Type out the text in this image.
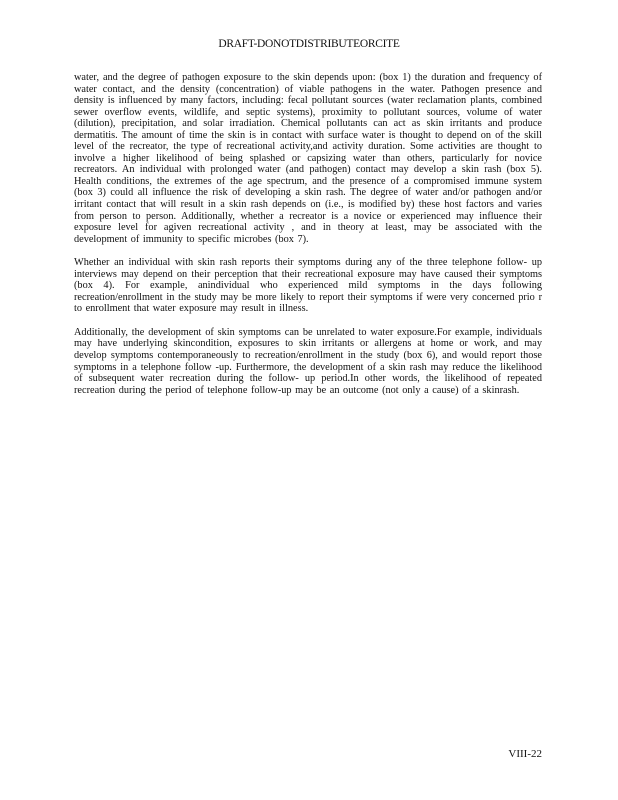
DRAFT-DONOTDISTRIBUTEORCITE

water, and the degree of pathogen exposure to the skin depends upon: (box 1) the duration and frequency of water contact, and the density (concentration) of viable pathogens in the water. Pathogen presence and density is influenced by many factors, including: fecal pollutant sources (water reclamation plants, combined sewer overflow events, wildlife, and septic systems), proximity to pollutant sources, volume of water (dilution), precipitation, and solar irradiation. Chemical pollutants can act as skin irritants and produce dermatitis. The amount of time the skin is in contact with surface water is thought to depend on of the skill level of the recreator, the type of recreational activity,and activity duration. Some activities are thought to involve a higher likelihood of being splashed or capsizing water than others, particularly for novice recreators. An individual with prolonged water (and pathogen) contact may develop a skin rash (box 5). Health conditions, the extremes of the age spectrum, and the presence of a compromised immune system (box 3) could all influence the risk of developing a skin rash. The degree of water and/or pathogen and/or irritant contact that will result in a skin rash depends on (i.e., is modified by) these host factors and varies from person to person. Additionally, whether a recreator is a novice or experienced may influence their exposure level for agiven recreational activity , and in theory at least, may be associated with the development of immunity to specific microbes (box 7).

Whether an individual with skin rash reports their symptoms during any of the three telephone follow- up interviews may depend on their perception that their recreational exposure may have caused their symptoms (box 4). For example, anindividual who experienced mild symptoms in the days following recreation/enrollment in the study may be more likely to report their symptoms if were very concerned prio r to enrollment that water exposure may result in illness.

Additionally, the development of skin symptoms can be unrelated to water exposure.For example, individuals may have underlying skincondition, exposures to skin irritants or allergens at home or work, and may develop symptoms contemporaneously to recreation/enrollment in the study (box 6), and would report those symptoms in a telephone follow -up. Furthermore, the development of a skin rash may reduce the likelihood of subsequent water recreation during the follow- up period.In other words, the likelihood of repeated recreation during the period of telephone follow-up may be an outcome (not only a cause) of a skinrash.

VIII-22
